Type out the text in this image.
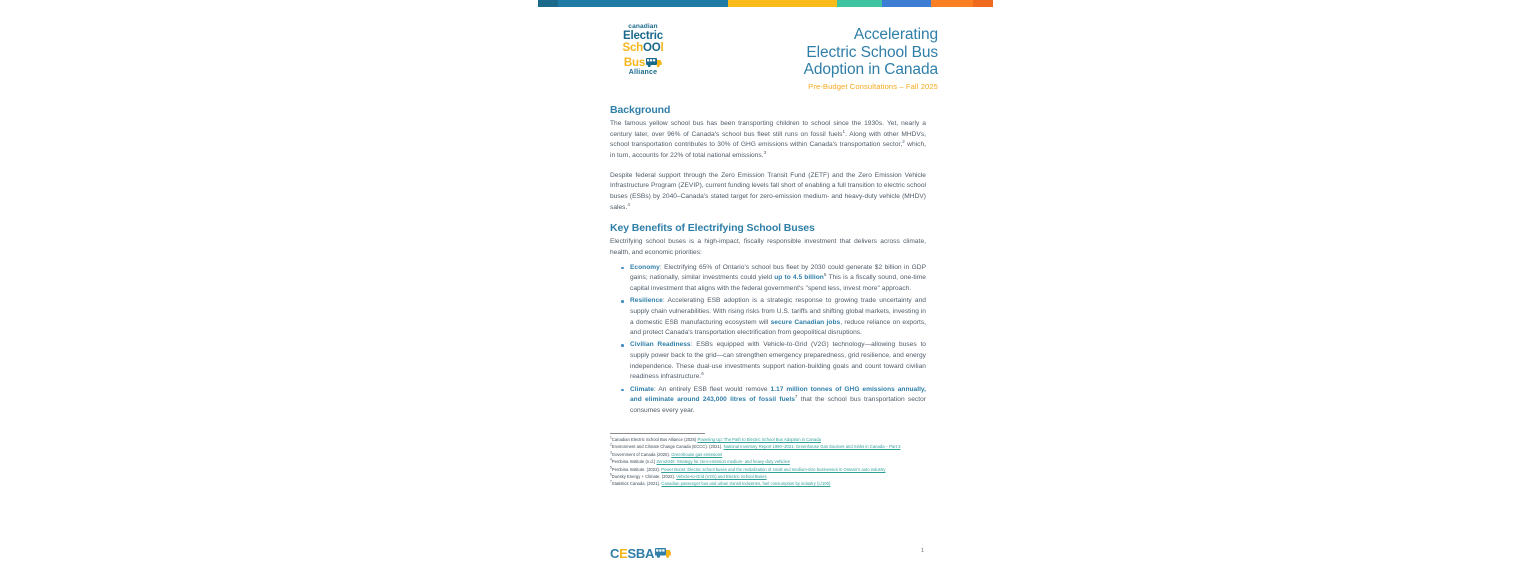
canadian
Electric
SchOOl
Bus
Alliance
Accelerating
Electric School Bus
Adoption in Canada
Pre-Budget Consultations – Fall 2025
Background

The famous yellow school bus has been transporting children to school since the 1930s. Yet, nearly a century later, over 96% of Canada's school bus fleet still runs on fossil fuels$^1$. Along with other MHDVs, school transportation contributes to 30% of GHG emissions within Canada's transportation sector,$^2$ which, in turn, accounts for 22% of total national emissions.$^3$

Despite federal support through the Zero Emission Transit Fund (ZETF) and the Zero Emission Vehicle Infrastructure Program (ZEVIP), current funding levels fall short of enabling a full transition to electric school buses (ESBs) by 2040–Canada's stated target for zero-emission medium- and heavy-duty vehicle (MHDV) sales.$^4$

Key Benefits of Electrifying School Buses

Electrifying school buses is a high-impact, fiscally responsible investment that delivers across climate, health, and economic priorities:

Economy: Electrifying 65% of Ontario's school bus fleet by 2030 could generate $2 billion in GDP gains; nationally, similar investments could yield up to 4.5 billion$^5$ This is a fiscally sound, one-time capital investment that aligns with the federal government's "spend less, invest more" approach.
Resilience: Accelerating ESB adoption is a strategic response to growing trade uncertainty and supply chain vulnerabilities. With rising risks from U.S. tariffs and shifting global markets, investing in a domestic ESB manufacturing ecosystem will secure Canadian jobs, reduce reliance on exports, and protect Canada's transportation electrification from geopolitical disruptions.
Civilian Readiness: ESBs equipped with Vehicle-to-Grid (V2G) technology—allowing buses to supply power back to the grid—can strengthen emergency preparedness, grid resilience, and energy independence. These dual-use investments support nation-building goals and count toward civilian readiness infrastructure.$^6$
Climate: An entirely ESB fleet would remove 1.17 million tonnes of GHG emissions annually, and eliminate around 243,000 litres of fossil fuels$^7$ that the school bus transportation sector consumes every year.
$^1$Canadian Electric School Bus Alliance (2025) Powering Up: The Path to Electric School Bus Adoption in Canada
$^2$Environment and Climate Change Canada (ECCC). (2021). National Inventory Report 1990–2021: Greenhouse Gas Sources and Sinks in Canada – Part 3
$^3$Government of Canada (2025). Greenhouse gas emissions
$^4$Pembina Institute (n.d.) Zero2040: Strategy for zero-emission medium- and heavy-duty vehicles
$^5$Pembina Institute. (2022). Power Boost: Electric school buses and the revitalization of small and medium-size businesses in Ontario's auto industry
$^6$Dunsky Energy + Climate. (2022). Vehicle-to-Grid (V2G) and Electric School Buses
$^7$Statistics Canada. (2021). Canadian passenger bus and urban transit industries, fuel consumption by industry (L/100)
CESBA	1
